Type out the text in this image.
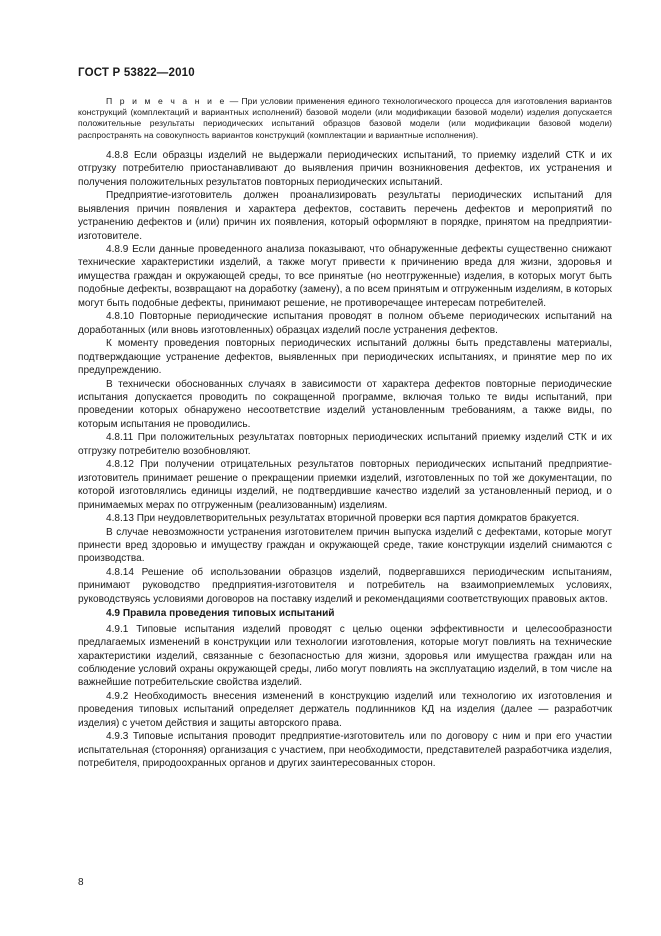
ГОСТ Р 53822—2010

П р и м е ч а н и е — При условии применения единого технологического процесса для изготовления вариантов конструкций (комплектаций и вариантных исполнений) базовой модели (или модификации базовой модели) изделия допускается положительные результаты периодических испытаний образцов базовой модели (или модификации базовой модели) распространять на совокупность вариантов конструкций (комплектации и вариантные исполнения).

4.8.8 Если образцы изделий не выдержали периодических испытаний, то приемку изделий СТК и их отгрузку потребителю приостанавливают до выявления причин возникновения дефектов, их устранения и получения положительных результатов повторных периодических испытаний.

Предприятие-изготовитель должен проанализировать результаты периодических испытаний для выявления причин появления и характера дефектов, составить перечень дефектов и мероприятий по устранению дефектов и (или) причин их появления, который оформляют в порядке, принятом на предприятии-изготовителе.

4.8.9 Если данные проведенного анализа показывают, что обнаруженные дефекты существенно снижают технические характеристики изделий, а также могут привести к причинению вреда для жизни, здоровья и имущества граждан и окружающей среды, то все принятые (но неотгруженные) изделия, в которых могут быть подобные дефекты, возвращают на доработку (замену), а по всем принятым и отгруженным изделиям, в которых могут быть подобные дефекты, принимают решение, не противоречащее интересам потребителей.

4.8.10 Повторные периодические испытания проводят в полном объеме периодических испытаний на доработанных (или вновь изготовленных) образцах изделий после устранения дефектов.

К моменту проведения повторных периодических испытаний должны быть представлены материалы, подтверждающие устранение дефектов, выявленных при периодических испытаниях, и принятие мер по их предупреждению.

В технически обоснованных случаях в зависимости от характера дефектов повторные периодические испытания допускается проводить по сокращенной программе, включая только те виды испытаний, при проведении которых обнаружено несоответствие изделий установленным требованиям, а также виды, по которым испытания не проводились.

4.8.11 При положительных результатах повторных периодических испытаний приемку изделий СТК и их отгрузку потребителю возобновляют.

4.8.12 При получении отрицательных результатов повторных периодических испытаний предприятие-изготовитель принимает решение о прекращении приемки изделий, изготовленных по той же документации, по которой изготовлялись единицы изделий, не подтвердившие качество изделий за установленный период, и о принимаемых мерах по отгруженным (реализованным) изделиям.

4.8.13 При неудовлетворительных результатах вторичной проверки вся партия домкратов бракуется.

В случае невозможности устранения изготовителем причин выпуска изделий с дефектами, которые могут принести вред здоровью и имуществу граждан и окружающей среде, такие конструкции изделий снимаются с производства.

4.8.14 Решение об использовании образцов изделий, подвергавшихся периодическим испытаниям, принимают руководство предприятия-изготовителя и потребитель на взаимоприемлемых условиях, руководствуясь условиями договоров на поставку изделий и рекомендациями соответствующих правовых актов.

4.9 Правила проведения типовых испытаний

4.9.1 Типовые испытания изделий проводят с целью оценки эффективности и целесообразности предлагаемых изменений в конструкции или технологии изготовления, которые могут повлиять на технические характеристики изделий, связанные с безопасностью для жизни, здоровья или имущества граждан или на соблюдение условий охраны окружающей среды, либо могут повлиять на эксплуатацию изделий, в том числе на важнейшие потребительские свойства изделий.

4.9.2 Необходимость внесения изменений в конструкцию изделий или технологию их изготовления и проведения типовых испытаний определяет держатель подлинников КД на изделия (далее — разработчик изделия) с учетом действия и защиты авторского права.

4.9.3 Типовые испытания проводит предприятие-изготовитель или по договору с ним и при его участии испытательная (сторонняя) организация с участием, при необходимости, представителей разработчика изделия, потребителя, природоохранных органов и других заинтересованных сторон.

8
